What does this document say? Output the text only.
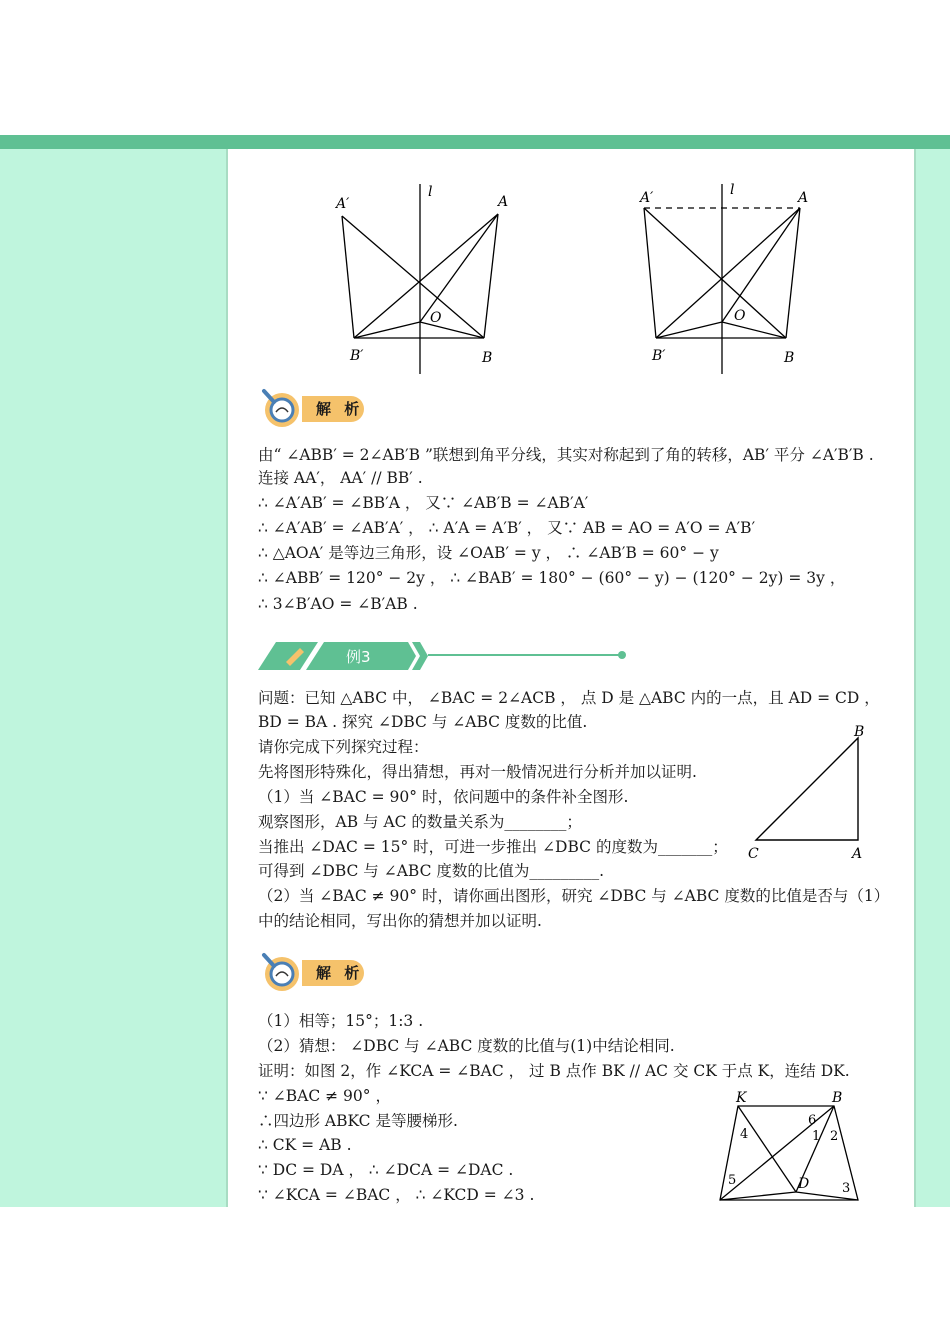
l
A′	A
O
B′	B
l
A′	A
O
B′	B
解 析
由“ ∠ABB′ = 2∠AB′B ”联想到角平分线，其实对称起到了角的转移，AB′ 平分 ∠A′B′B .
连接 AA′， AA′ // BB′ .
∴ ∠A′AB′ = ∠BB′A ， 又∵ ∠AB′B = ∠AB′A′
∴ ∠A′AB′ = ∠AB′A′ ， ∴ A′A = A′B′ ， 又∵ AB = AO = A′O = A′B′
∴ △AOA′ 是等边三角形，设 ∠OAB′ = y ， ∴ ∠AB′B = 60° − y
∴ ∠ABB′ = 120° − 2y ， ∴ ∠BAB′ = 180° − (60° − y) − (120° − 2y) = 3y ，
∴ 3∠B′AO = ∠B′AB .
例3
问题：已知 △ABC 中， ∠BAC = 2∠ACB ， 点 D 是 △ABC 内的一点，且 AD = CD ，
BD = BA . 探究 ∠DBC 与 ∠ABC 度数的比值.
请你完成下列探究过程：
先将图形特殊化，得出猜想，再对一般情况进行分析并加以证明.
（1）当 ∠BAC = 90° 时，依问题中的条件补全图形.
观察图形，AB 与 AC 的数量关系为________；
当推出 ∠DAC = 15° 时，可进一步推出 ∠DBC 的度数为_______；
可得到 ∠DBC 与 ∠ABC 度数的比值为_________.
（2）当 ∠BAC ≠ 90° 时，请你画出图形，研究 ∠DBC 与 ∠ABC 度数的比值是否与（1）
中的结论相同，写出你的猜想并加以证明.
B
C	A
解 析
（1）相等；15°；1:3 .
（2）猜想： ∠DBC 与 ∠ABC 度数的比值与(1)中结论相同.
证明：如图 2，作 ∠KCA = ∠BAC ， 过 B 点作 BK // AC 交 CK 于点 K，连结 DK.
∵ ∠BAC ≠ 90° ，
∴四边形 ABKC 是等腰梯形.
∴ CK = AB .
∵ DC = DA ， ∴ ∠DCA = ∠DAC .
∵ ∠KCA = ∠BAC ， ∴ ∠KCD = ∠3 .
K	B
D
6
1 2
4
5
3
